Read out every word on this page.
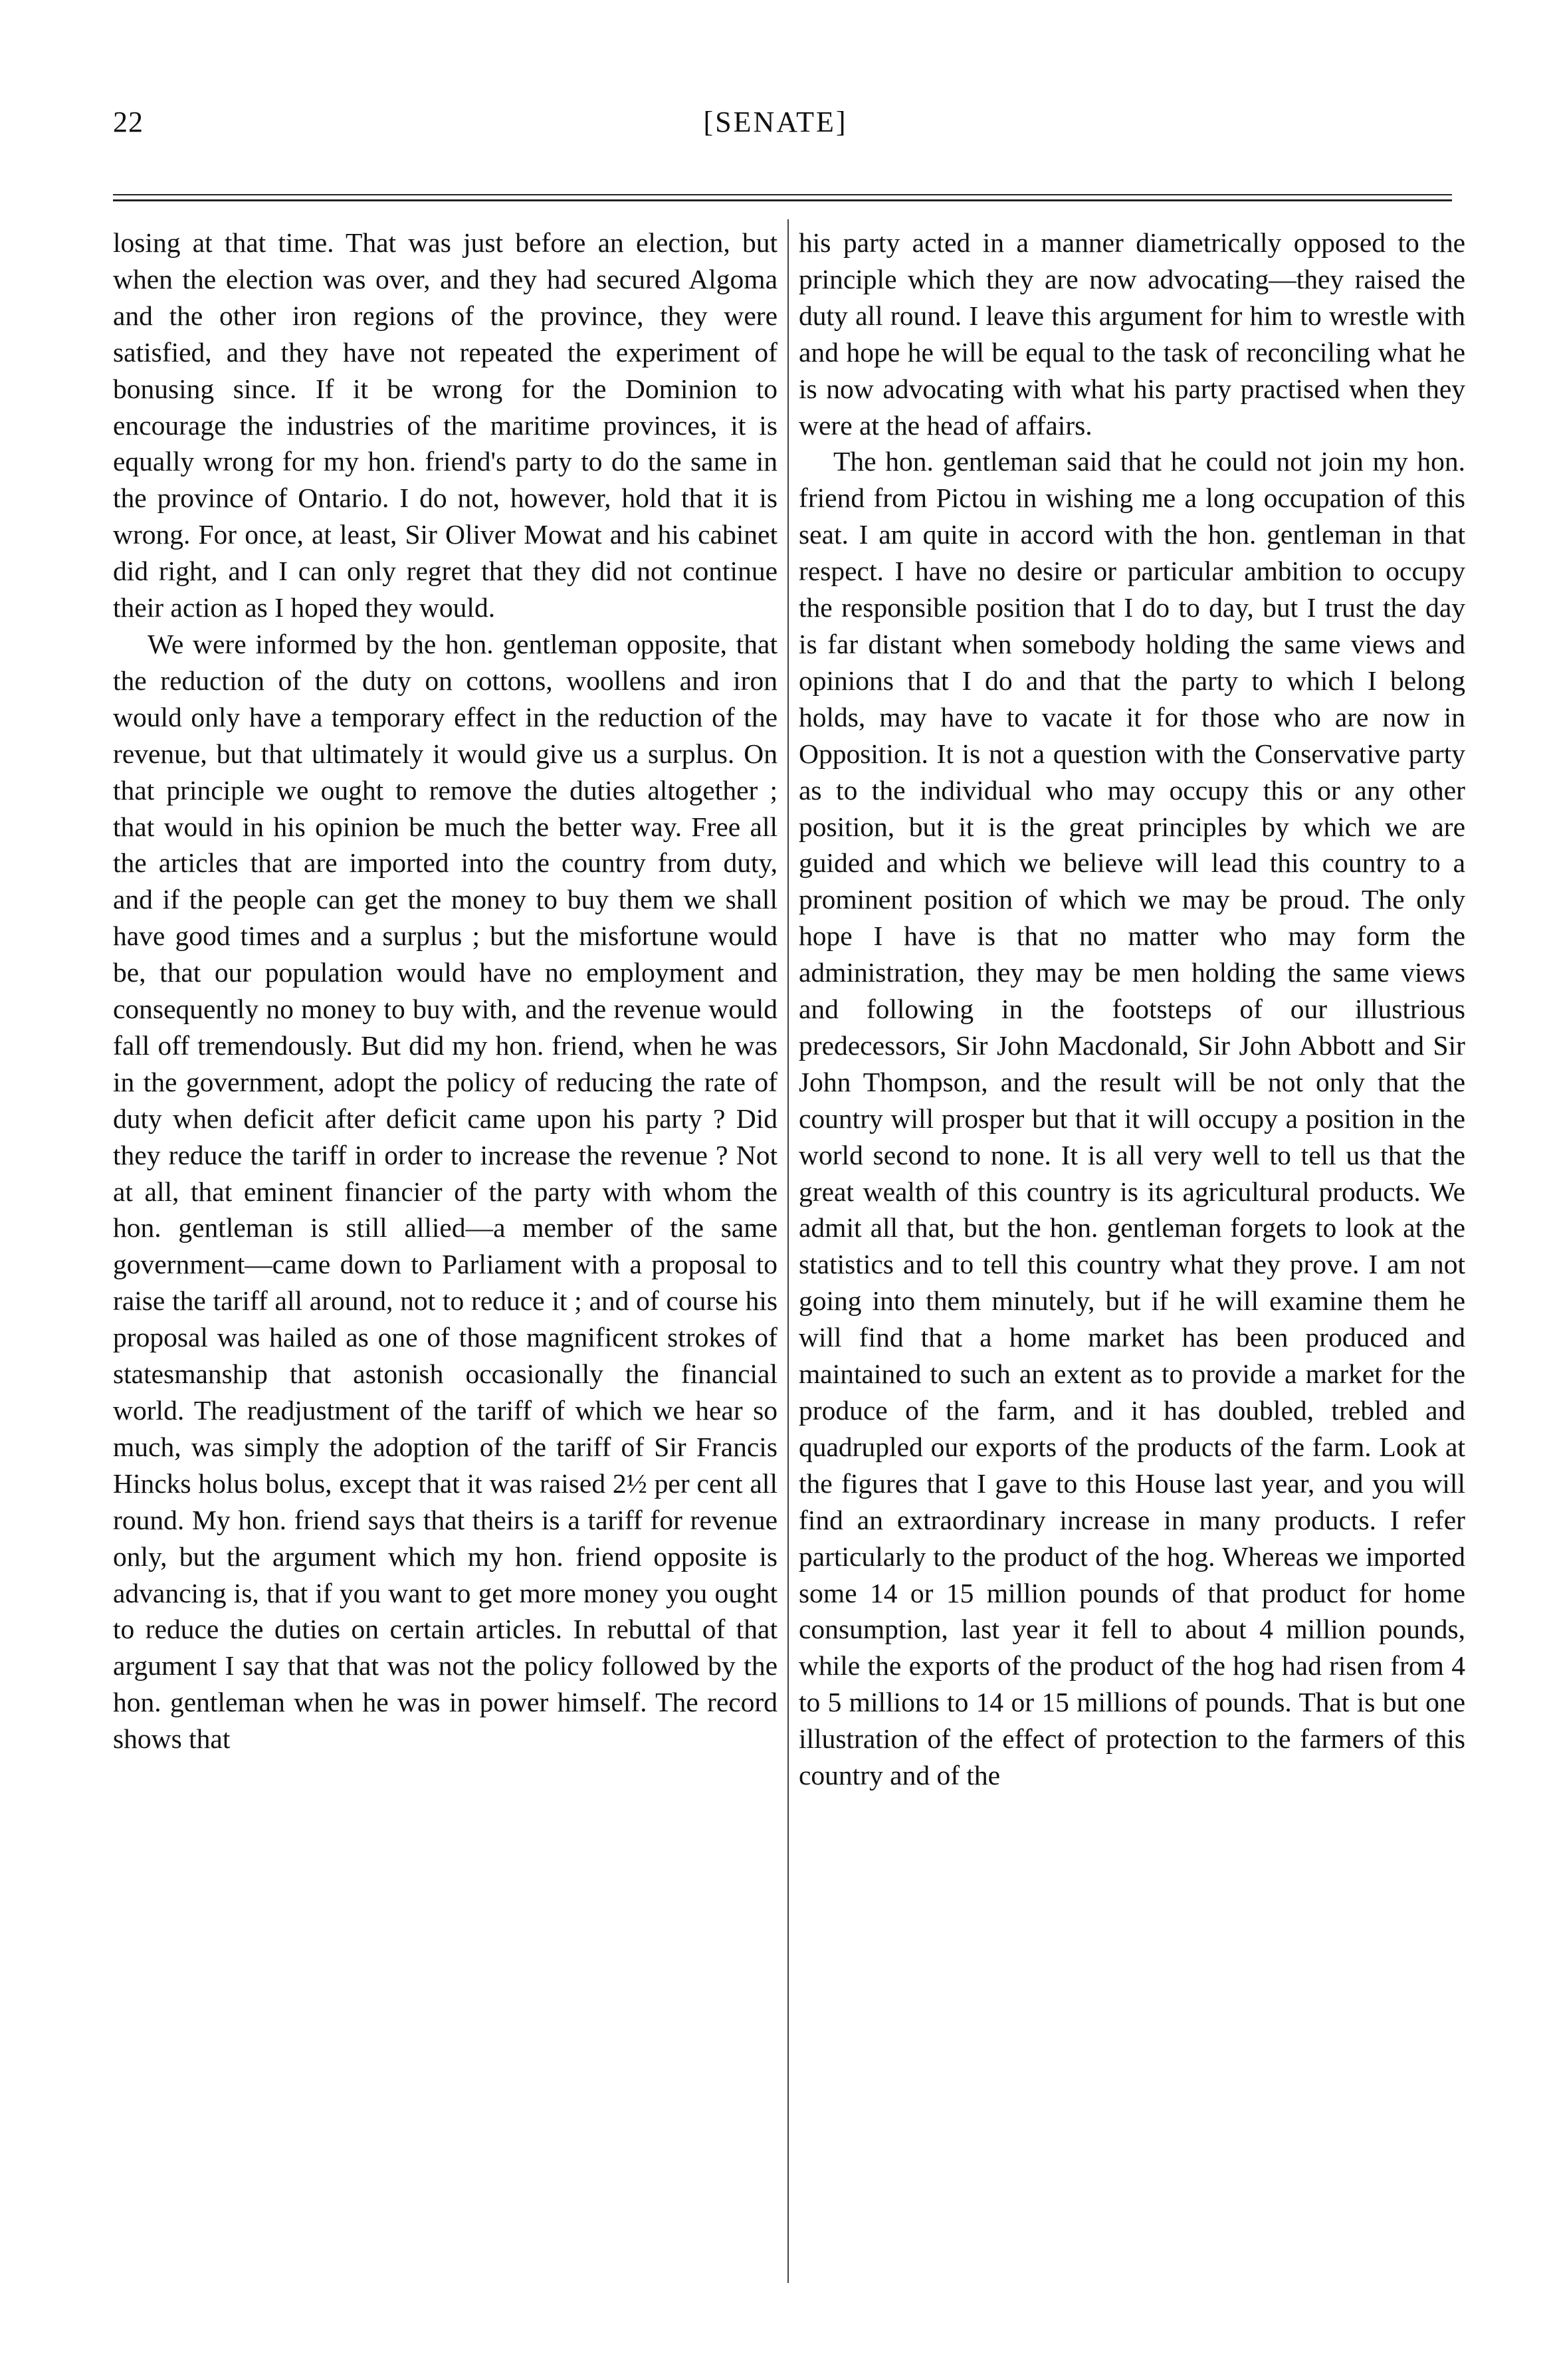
22	[SENATE]

losing at that time. That was just before an election, but when the election was over, and they had secured Algoma and the other iron regions of the province, they were satisfied, and they have not repeated the experiment of bonusing since. If it be wrong for the Dominion to encourage the industries of the maritime provinces, it is equally wrong for my hon. friend's party to do the same in the province of Ontario. I do not, however, hold that it is wrong. For once, at least, Sir Oliver Mowat and his cabinet did right, and I can only regret that they did not continue their action as I hoped they would.

We were informed by the hon. gentleman opposite, that the reduction of the duty on cottons, woollens and iron would only have a temporary effect in the reduction of the revenue, but that ultimately it would give us a surplus. On that principle we ought to remove the duties altogether ; that would in his opinion be much the better way. Free all the articles that are imported into the country from duty, and if the people can get the money to buy them we shall have good times and a surplus ; but the misfortune would be, that our population would have no employment and consequently no money to buy with, and the revenue would fall off tremendously. But did my hon. friend, when he was in the government, adopt the policy of reducing the rate of duty when deficit after deficit came upon his party ? Did they reduce the tariff in order to increase the revenue ? Not at all, that eminent financier of the party with whom the hon. gentleman is still allied—a member of the same government—came down to Parliament with a proposal to raise the tariff all around, not to reduce it ; and of course his proposal was hailed as one of those magnificent strokes of statesmanship that astonish occasionally the financial world. The readjustment of the tariff of which we hear so much, was simply the adoption of the tariff of Sir Francis Hincks holus bolus, except that it was raised 2½ per cent all round. My hon. friend says that theirs is a tariff for revenue only, but the argument which my hon. friend opposite is advancing is, that if you want to get more money you ought to reduce the duties on certain articles. In rebuttal of that argument I say that that was not the policy followed by the hon. gentleman when he was in power himself. The record shows that

his party acted in a manner diametrically opposed to the principle which they are now advocating—they raised the duty all round. I leave this argument for him to wrestle with and hope he will be equal to the task of reconciling what he is now advocating with what his party practised when they were at the head of affairs.

The hon. gentleman said that he could not join my hon. friend from Pictou in wishing me a long occupation of this seat. I am quite in accord with the hon. gentleman in that respect. I have no desire or particular ambition to occupy the responsible position that I do to day, but I trust the day is far distant when somebody holding the same views and opinions that I do and that the party to which I belong holds, may have to vacate it for those who are now in Opposition. It is not a question with the Conservative party as to the individual who may occupy this or any other position, but it is the great principles by which we are guided and which we believe will lead this country to a prominent position of which we may be proud. The only hope I have is that no matter who may form the administration, they may be men holding the same views and following in the footsteps of our illustrious predecessors, Sir John Macdonald, Sir John Abbott and Sir John Thompson, and the result will be not only that the country will prosper but that it will occupy a position in the world second to none. It is all very well to tell us that the great wealth of this country is its agricultural products. We admit all that, but the hon. gentleman forgets to look at the statistics and to tell this country what they prove. I am not going into them minutely, but if he will examine them he will find that a home market has been produced and maintained to such an extent as to provide a market for the produce of the farm, and it has doubled, trebled and quadrupled our exports of the products of the farm. Look at the figures that I gave to this House last year, and you will find an extraordinary increase in many products. I refer particularly to the product of the hog. Whereas we imported some 14 or 15 million pounds of that product for home consumption, last year it fell to about 4 million pounds, while the exports of the product of the hog had risen from 4 to 5 millions to 14 or 15 millions of pounds. That is but one illustration of the effect of protection to the farmers of this country and of the
